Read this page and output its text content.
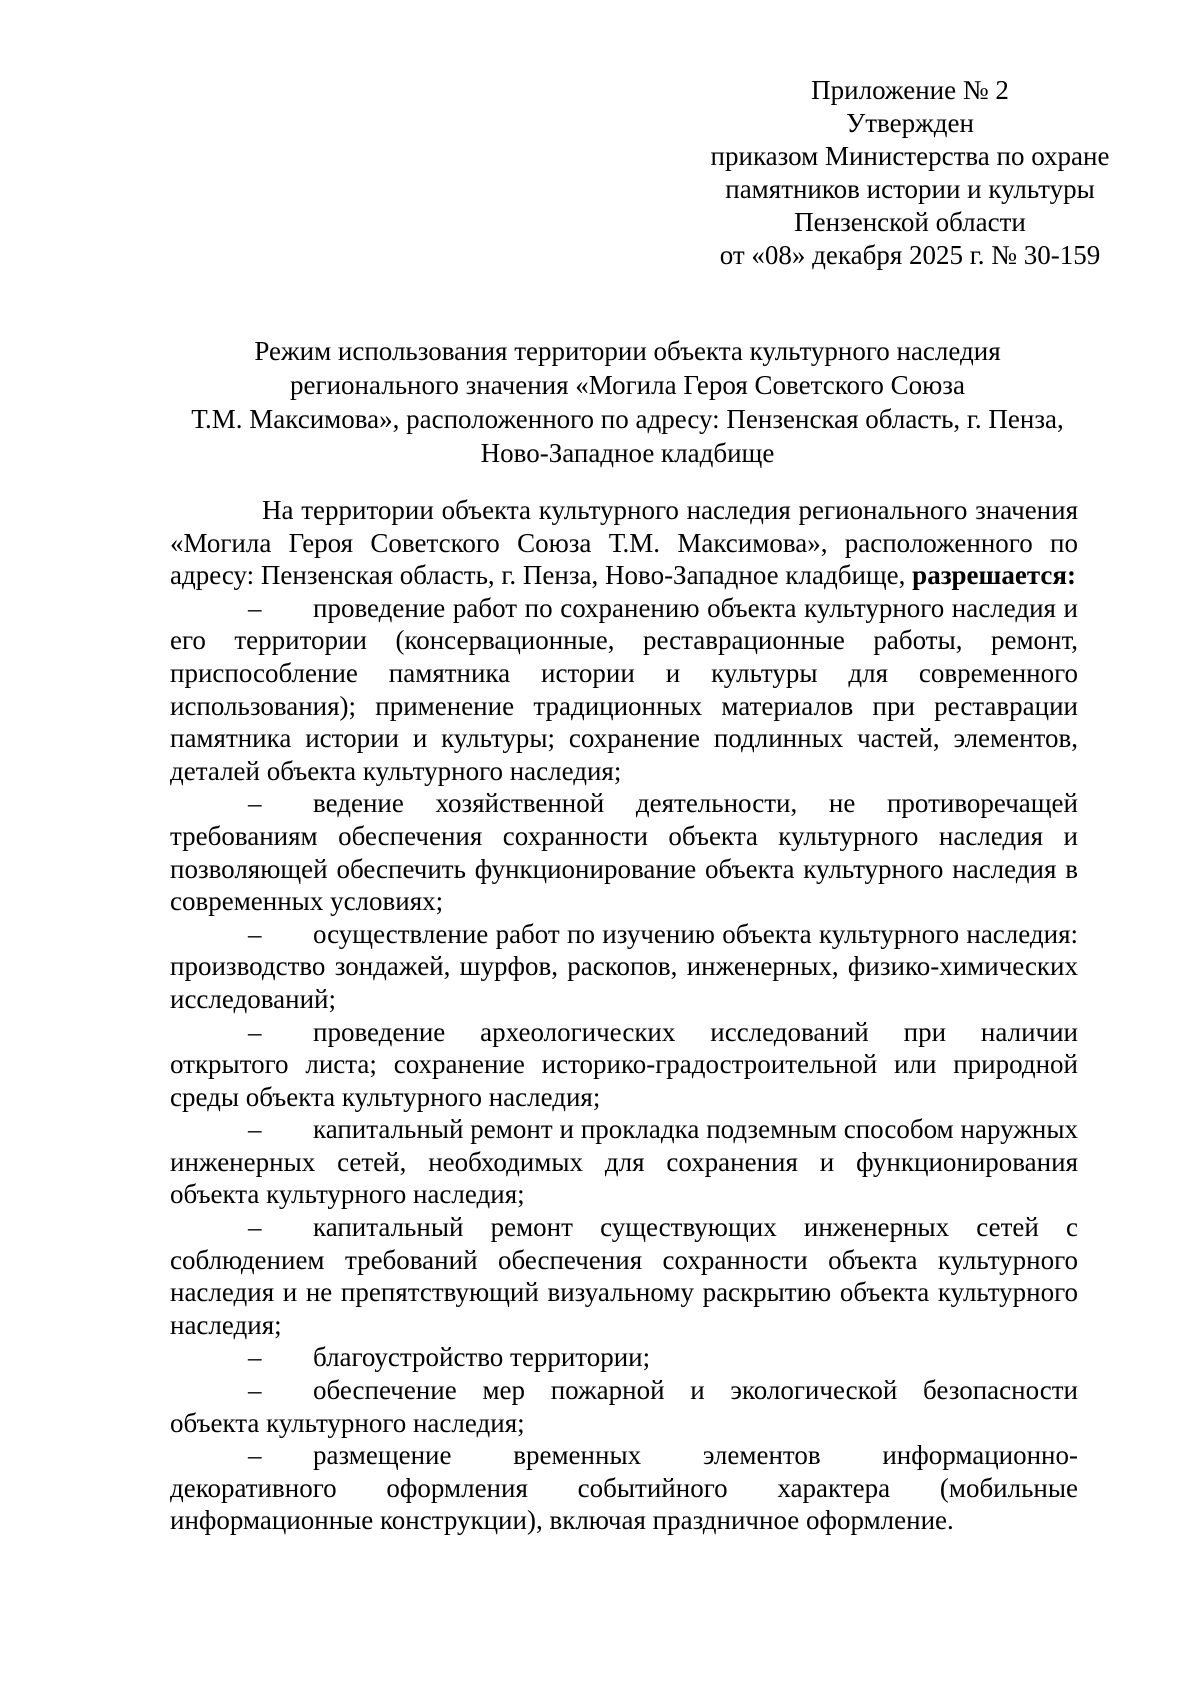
Приложение № 2
Утвержден
приказом Министерства по охране
памятников истории и культуры
Пензенской области
от «08» декабря 2025 г. № 30-159
Режим использования территории объекта культурного наследия
регионального значения «Могила Героя Советского Союза
Т.М. Максимова», расположенного по адресу: Пензенская область, г. Пенза,
Ново-Западное кладбище

На территории объекта культурного наследия регионального значения «Могила Героя Советского Союза Т.М. Максимова», расположенного по адресу: Пензенская область, г. Пенза, Ново-Западное кладбище, разрешается:

– проведение работ по сохранению объекта культурного наследия и его территории (консервационные, реставрационные работы, ремонт, приспособление памятника истории и культуры для современного использования); применение традиционных материалов при реставрации памятника истории и культуры; сохранение подлинных частей, элементов, деталей объекта культурного наследия;
– ведение хозяйственной деятельности, не противоречащей требованиям обеспечения сохранности объекта культурного наследия и позволяющей обеспечить функционирование объекта культурного наследия в современных условиях;
– осуществление работ по изучению объекта культурного наследия: производство зондажей, шурфов, раскопов, инженерных, физико-химических исследований;
– проведение археологических исследований при наличии открытого листа; сохранение историко-градостроительной или природной среды объекта культурного наследия;
– капитальный ремонт и прокладка подземным способом наружных инженерных сетей, необходимых для сохранения и функционирования объекта культурного наследия;
– капитальный ремонт существующих инженерных сетей с соблюдением требований обеспечения сохранности объекта культурного наследия и не препятствующий визуальному раскрытию объекта культурного наследия;
– благоустройство территории;
– обеспечение мер пожарной и экологической безопасности объекта культурного наследия;
– размещение временных элементов информационно-декоративного оформления событийного характера (мобильные информационные конструкции), включая праздничное оформление.
